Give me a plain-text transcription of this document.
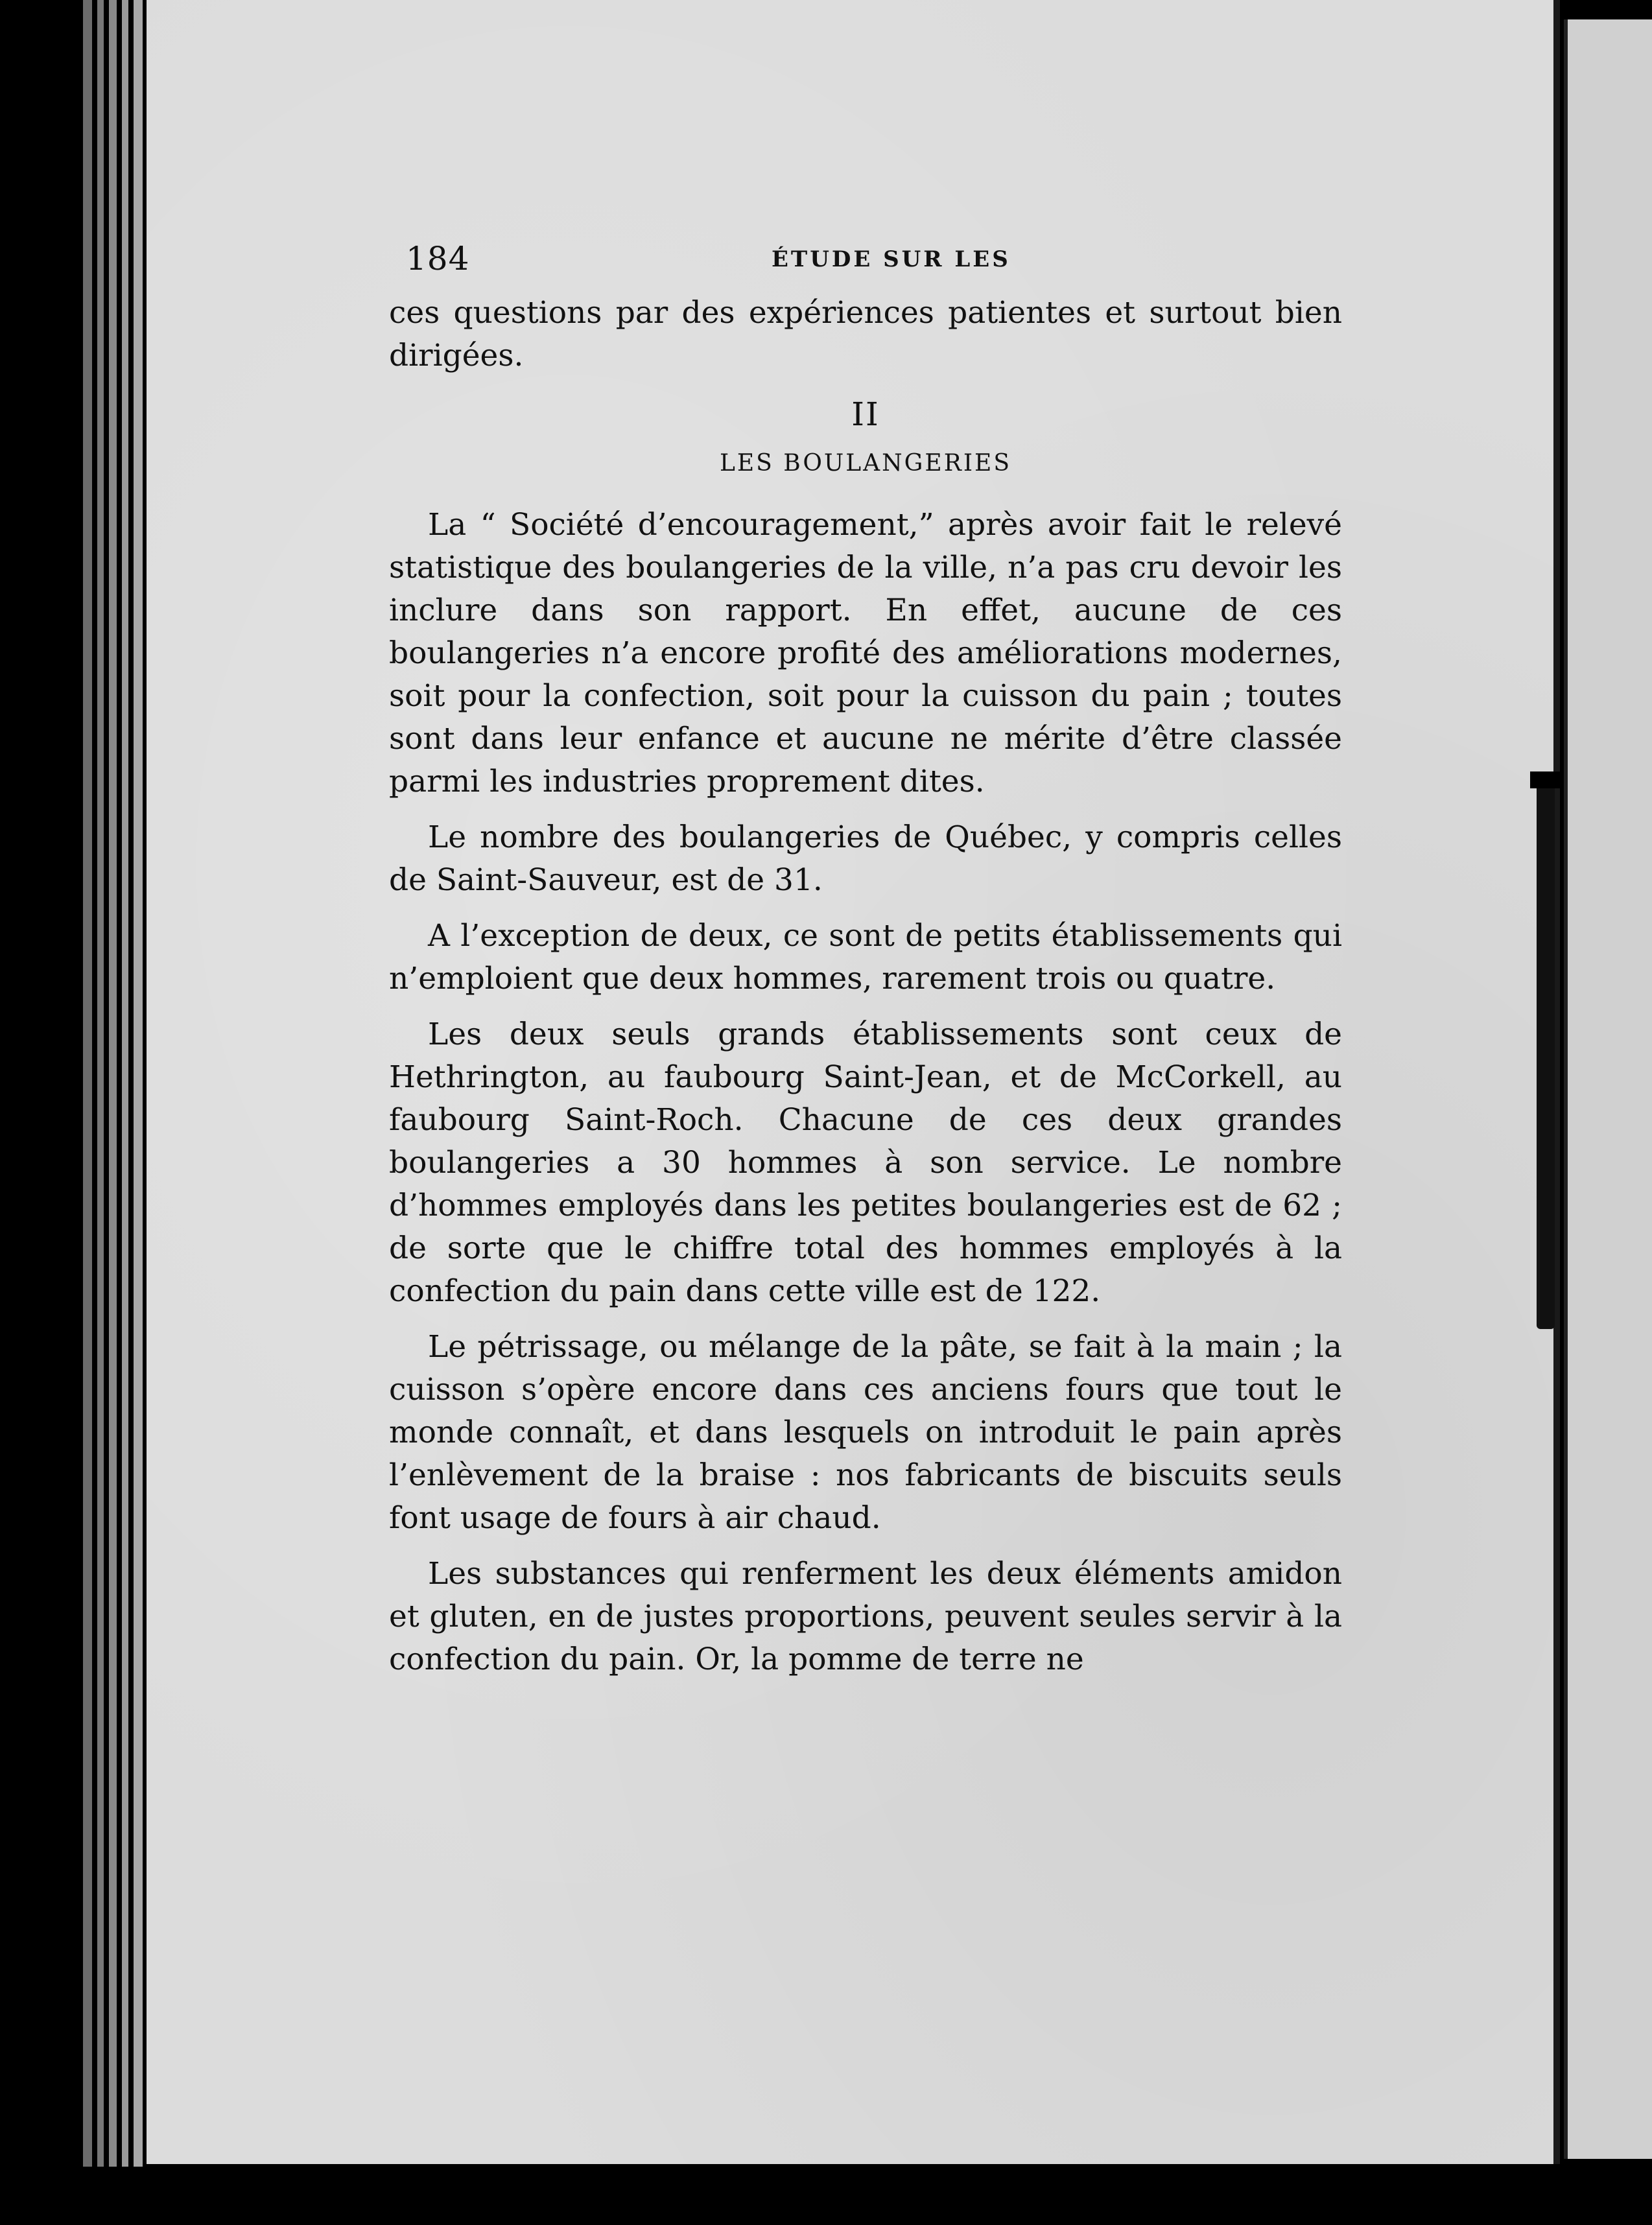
184	ÉTUDE SUR LES

ces questions par des expériences patientes et surtout bien dirigées.

II
LES BOULANGERIES

La “ Société d’encouragement,” après avoir fait le relevé statistique des boulangeries de la ville, n’a pas cru devoir les inclure dans son rapport. En effet, aucune de ces boulangeries n’a encore profité des améliorations modernes, soit pour la confection, soit pour la cuisson du pain ; toutes sont dans leur enfance et aucune ne mérite d’être classée parmi les industries proprement dites.

Le nombre des boulangeries de Québec, y compris celles de Saint-Sauveur, est de 31.

A l’exception de deux, ce sont de petits établissements qui n’emploient que deux hommes, rarement trois ou quatre.

Les deux seuls grands établissements sont ceux de Hethrington, au faubourg Saint-Jean, et de McCorkell, au faubourg Saint-Roch. Chacune de ces deux grandes boulangeries a 30 hommes à son service. Le nombre d’hommes employés dans les petites boulangeries est de 62 ; de sorte que le chiffre total des hommes employés à la confection du pain dans cette ville est de 122.

Le pétrissage, ou mélange de la pâte, se fait à la main ; la cuisson s’opère encore dans ces anciens fours que tout le monde connaît, et dans lesquels on introduit le pain après l’enlèvement de la braise : nos fabricants de biscuits seuls font usage de fours à air chaud.

Les substances qui renferment les deux éléments amidon et gluten, en de justes proportions, peuvent seules servir à la confection du pain. Or, la pomme de terre ne
